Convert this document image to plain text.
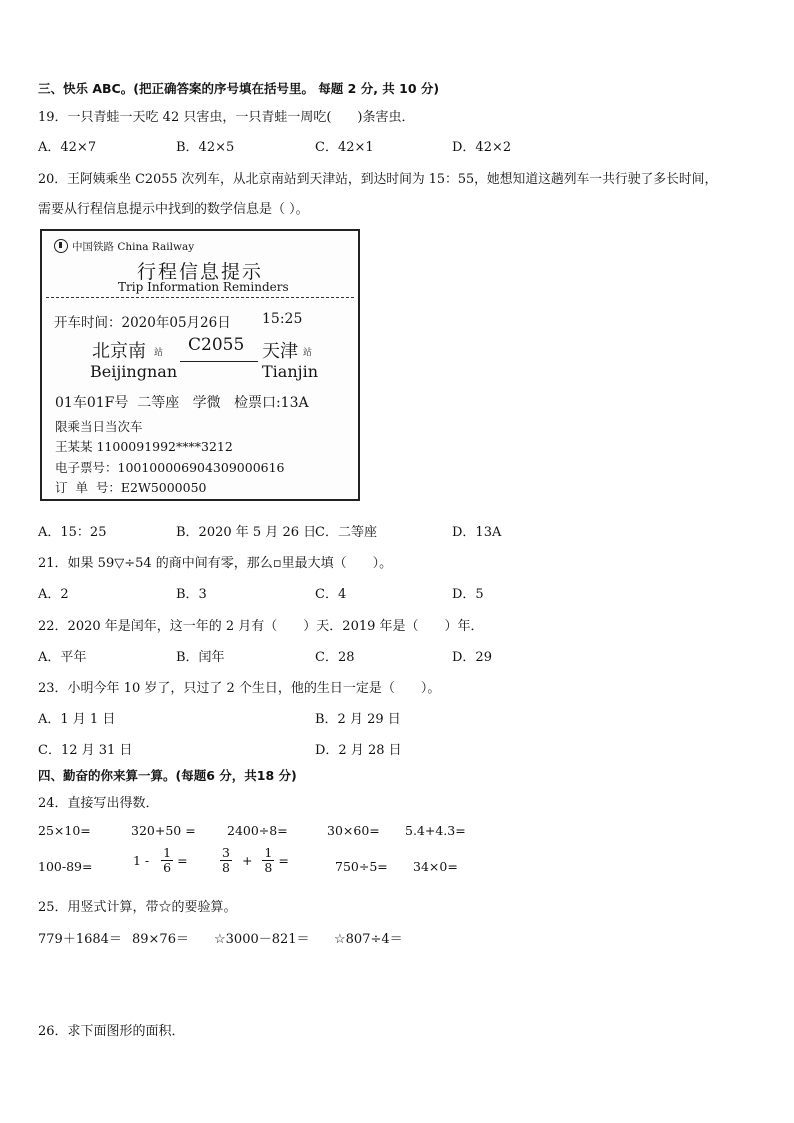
三、快乐 ABC。(把正确答案的序号填在括号里。 每题 2 分, 共 10 分)
19．一只青蛙一天吃 42 只害虫，一只青蛙一周吃(　　)条害虫．
A．42×7	B．42×5	C．42×1	D．42×2
20．王阿姨乘坐 C2055 次列车，从北京南站到天津站，到达时间为 15：55，她想知道这趟列车一共行驶了多长时间，
需要从行程信息提示中找到的数学信息是（ ）。
中国铁路 China Railway
行程信息提示
Trip Information Reminders
开车时间：2020年05月26日 15:25
北京南 站 C2055 天津 站
Beijingnan	Tianjin
01车01F号  二等座   学微   检票口:13A
限乘当日当次车
王某某 1100091992****3212
电子票号：10010000690430900061​6
订  单  号：E2W5000050
A．15：25	B．2020 年 5 月 26 日
C．二等座	D．13A
21．如果 59▽÷54 的商中间有零，那么▫里最大填（　　）。
A．2	B．3	C．4	D．5
22．2020 年是闰年，这一年的 2 月有（　　）天．2019 年是（　　）年．
A．平年	B．闰年	C．28	D．29
23．小明今年 10 岁了，只过了 2 个生日，他的生日一定是（　　）。
A．1 月 1 日	B．2 月 29 日
C．12 月 31 日	D．2 月 28 日
四、勤奋的你来算一算。(每题6 分，共18 分)
24．直接写出得数．
25×10=	320+50 =	2400÷8=	30×60= 5.4+4.3=
100-89=	$1 - \frac{1}{6}$ =	$\frac{3}{8} + \frac{1}{8}$ =	750÷5= 34×0=
25．用竖式计算，带☆的要验算。
779＋1684＝ 89×76＝ ☆3000－821＝ ☆807÷4＝
26．求下面图形的面积．
